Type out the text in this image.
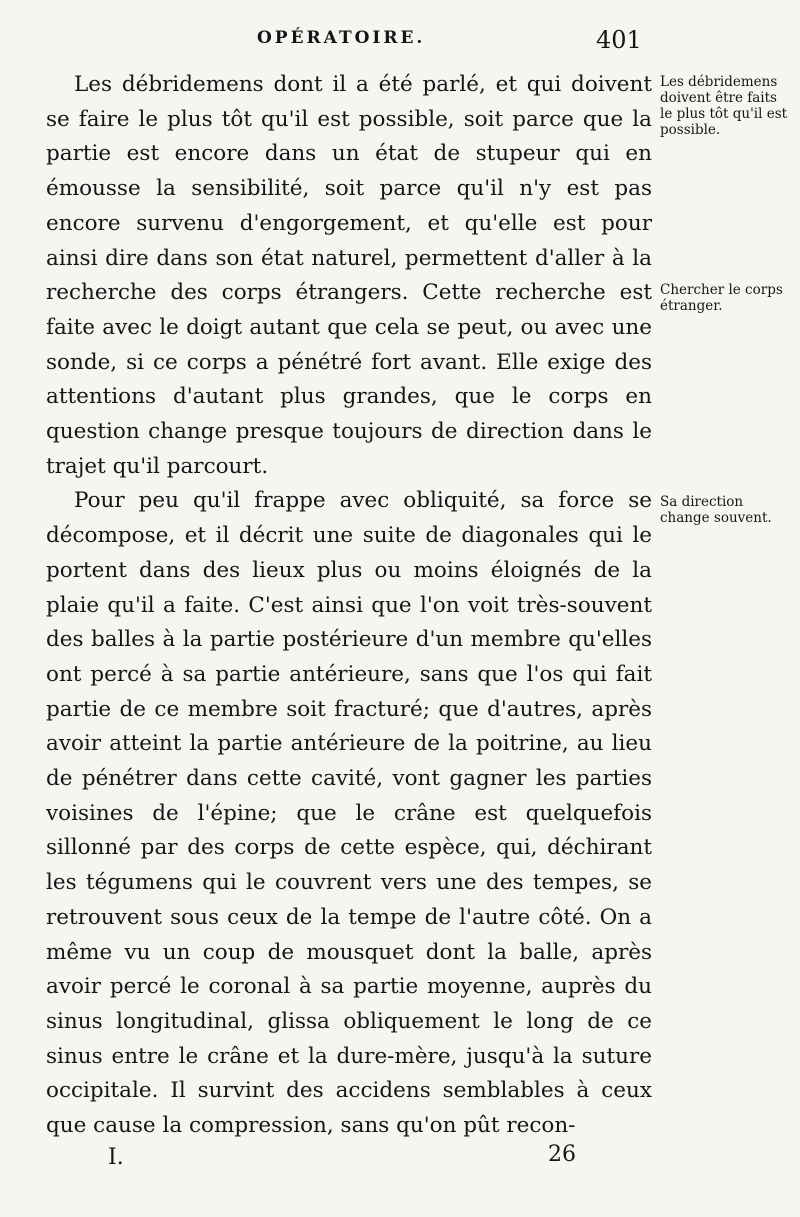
OPÉRATOIRE.	401

Les débridemens dont il a été parlé, et qui doivent se faire le plus tôt qu'il est possible, soit parce que la partie est encore dans un état de stupeur qui en émousse la sensibilité, soit parce qu'il n'y est pas encore survenu d'engorgement, et qu'elle est pour ainsi dire dans son état naturel, permettent d'aller à la recherche des corps étrangers. Cette recherche est faite avec le doigt autant que cela se peut, ou avec une sonde, si ce corps a pénétré fort avant. Elle exige des attentions d'autant plus grandes, que le corps en question change presque toujours de direction dans le trajet qu'il parcourt.

Pour peu qu'il frappe avec obliquité, sa force se décompose, et il décrit une suite de diagonales qui le portent dans des lieux plus ou moins éloignés de la plaie qu'il a faite. C'est ainsi que l'on voit très-souvent des balles à la partie postérieure d'un membre qu'elles ont percé à sa partie antérieure, sans que l'os qui fait partie de ce membre soit fracturé; que d'autres, après avoir atteint la partie antérieure de la poitrine, au lieu de pénétrer dans cette cavité, vont gagner les parties voisines de l'épine; que le crâne est quelquefois sillonné par des corps de cette espèce, qui, déchirant les tégumens qui le couvrent vers une des tempes, se retrouvent sous ceux de la tempe de l'autre côté. On a même vu un coup de mousquet dont la balle, après avoir percé le coronal à sa partie moyenne, auprès du sinus longitudinal, glissa obliquement le long de ce sinus entre le crâne et la dure-mère, jusqu'à la suture occipitale. Il survint des accidens semblables à ceux que cause la compression, sans qu'on pût recon-

Les débridemens doivent être faits le plus tôt qu'il est possible.
Chercher le corps étranger.
Sa direction change souvent.
I.	26
